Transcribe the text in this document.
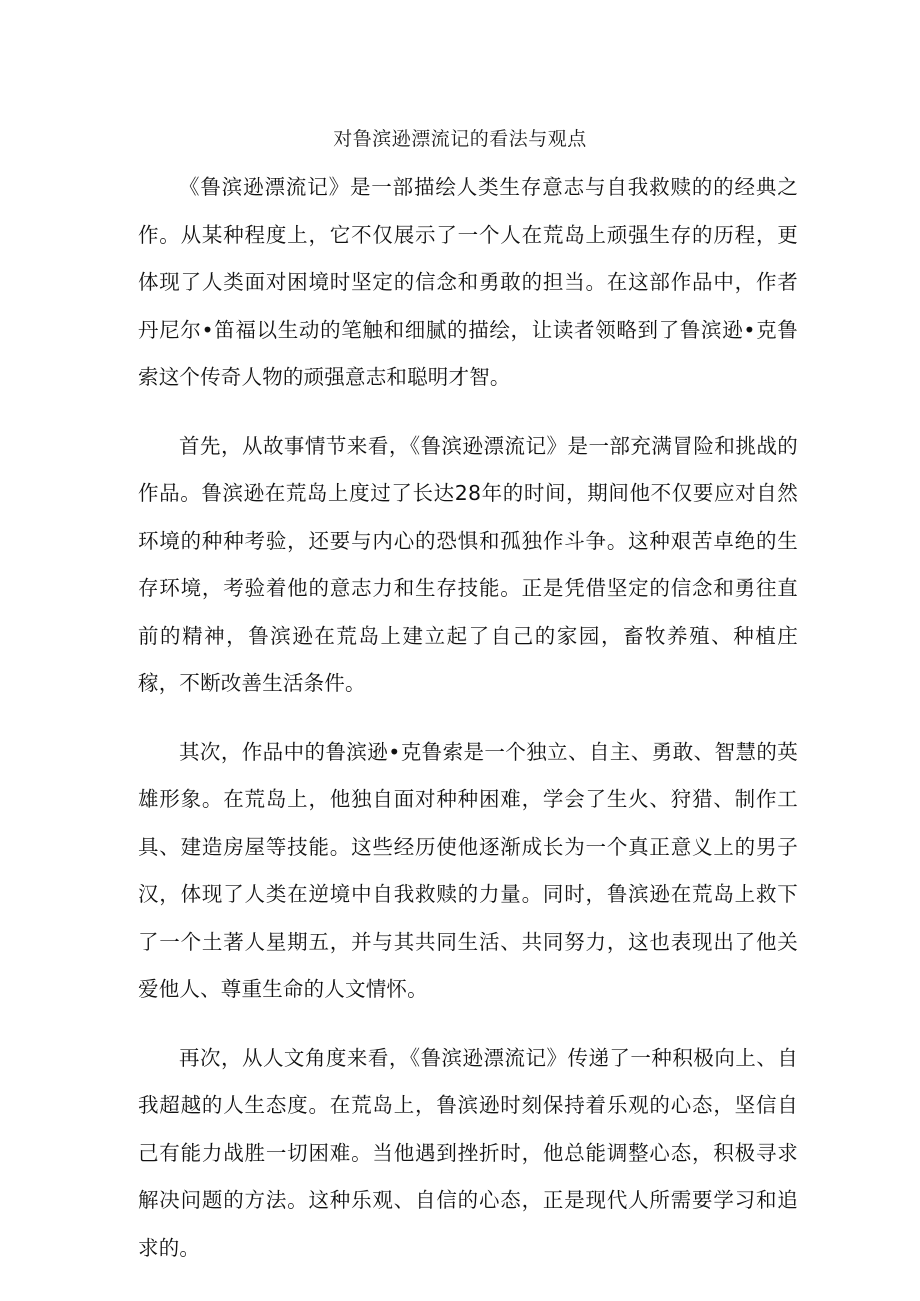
对鲁滨逊漂流记的看法与观点

《鲁滨逊漂流记》是一部描绘人类生存意志与自我救赎的的经典之作。从某种程度上，它不仅展示了一个人在荒岛上顽强生存的历程，更体现了人类面对困境时坚定的信念和勇敢的担当。在这部作品中，作者丹尼尔•笛福以生动的笔触和细腻的描绘，让读者领略到了鲁滨逊•克鲁索这个传奇人物的顽强意志和聪明才智。

首先，从故事情节来看，《鲁滨逊漂流记》是一部充满冒险和挑战的作品。鲁滨逊在荒岛上度过了长达28年的时间，期间他不仅要应对自然环境的种种考验，还要与内心的恐惧和孤独作斗争。这种艰苦卓绝的生存环境，考验着他的意志力和生存技能。正是凭借坚定的信念和勇往直前的精神，鲁滨逊在荒岛上建立起了自己的家园，畜牧养殖、种植庄稼，不断改善生活条件。

其次，作品中的鲁滨逊•克鲁索是一个独立、自主、勇敢、智慧的英雄形象。在荒岛上，他独自面对种种困难，学会了生火、狩猎、制作工具、建造房屋等技能。这些经历使他逐渐成长为一个真正意义上的男子汉，体现了人类在逆境中自我救赎的力量。同时，鲁滨逊在荒岛上救下了一个土著人星期五，并与其共同生活、共同努力，这也表现出了他关爱他人、尊重生命的人文情怀。

再次，从人文角度来看，《鲁滨逊漂流记》传递了一种积极向上、自我超越的人生态度。在荒岛上，鲁滨逊时刻保持着乐观的心态，坚信自己有能力战胜一切困难。当他遇到挫折时，他总能调整心态，积极寻求解决问题的方法。这种乐观、自信的心态，正是现代人所需要学习和追求的。
